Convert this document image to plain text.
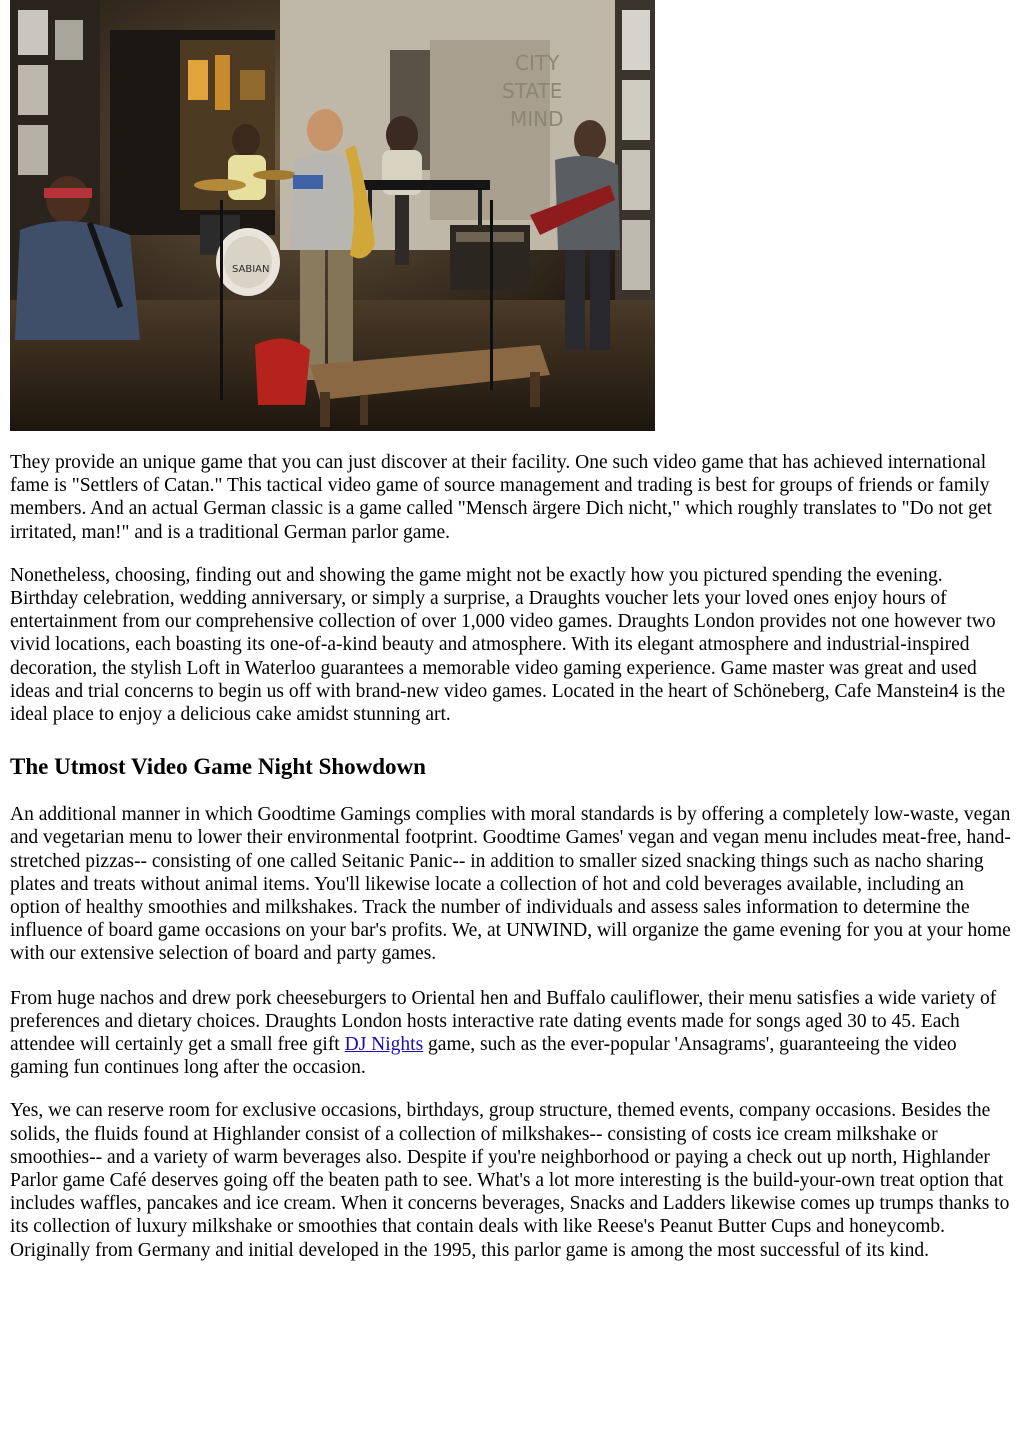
CITY
STATE
MIND
SABIAN

They provide an unique game that you can just discover at their facility. One such video game that has achieved international fame is "Settlers of Catan." This tactical video game of source management and trading is best for groups of friends or family members. And an actual German classic is a game called "Mensch ärgere Dich nicht," which roughly translates to "Do not get irritated, man!" and is a traditional German parlor game.

Nonetheless, choosing, finding out and showing the game might not be exactly how you pictured spending the evening. Birthday celebration, wedding anniversary, or simply a surprise, a Draughts voucher lets your loved ones enjoy hours of entertainment from our comprehensive collection of over 1,000 video games. Draughts London provides not one however two vivid locations, each boasting its one-of-a-kind beauty and atmosphere. With its elegant atmosphere and industrial-inspired decoration, the stylish Loft in Waterloo guarantees a memorable video gaming experience. Game master was great and used ideas and trial concerns to begin us off with brand-new video games. Located in the heart of Schöneberg, Cafe Manstein4 is the ideal place to enjoy a delicious cake amidst stunning art.

The Utmost Video Game Night Showdown

An additional manner in which Goodtime Gamings complies with moral standards is by offering a completely low-waste, vegan and vegetarian menu to lower their environmental footprint. Goodtime Games' vegan and vegan menu includes meat-free, hand-stretched pizzas-- consisting of one called Seitanic Panic-- in addition to smaller sized snacking things such as nacho sharing plates and treats without animal items. You'll likewise locate a collection of hot and cold beverages available, including an option of healthy smoothies and milkshakes. Track the number of individuals and assess sales information to determine the influence of board game occasions on your bar's profits. We, at UNWIND, will organize the game evening for you at your home with our extensive selection of board and party games.

From huge nachos and drew pork cheeseburgers to Oriental hen and Buffalo cauliflower, their menu satisfies a wide variety of preferences and dietary choices. Draughts London hosts interactive rate dating events made for songs aged 30 to 45. Each attendee will certainly get a small free gift DJ Nights game, such as the ever-popular 'Ansagrams', guaranteeing the video gaming fun continues long after the occasion.

Yes, we can reserve room for exclusive occasions, birthdays, group structure, themed events, company occasions. Besides the solids, the fluids found at Highlander consist of a collection of milkshakes-- consisting of costs ice cream milkshake or smoothies-- and a variety of warm beverages also. Despite if you're neighborhood or paying a check out up north, Highlander Parlor game Café deserves going off the beaten path to see. What's a lot more interesting is the build-your-own treat option that includes waffles, pancakes and ice cream. When it concerns beverages, Snacks and Ladders likewise comes up trumps thanks to its collection of luxury milkshake or smoothies that contain deals with like Reese's Peanut Butter Cups and honeycomb. Originally from Germany and initial developed in the 1995, this parlor game is among the most successful of its kind.
